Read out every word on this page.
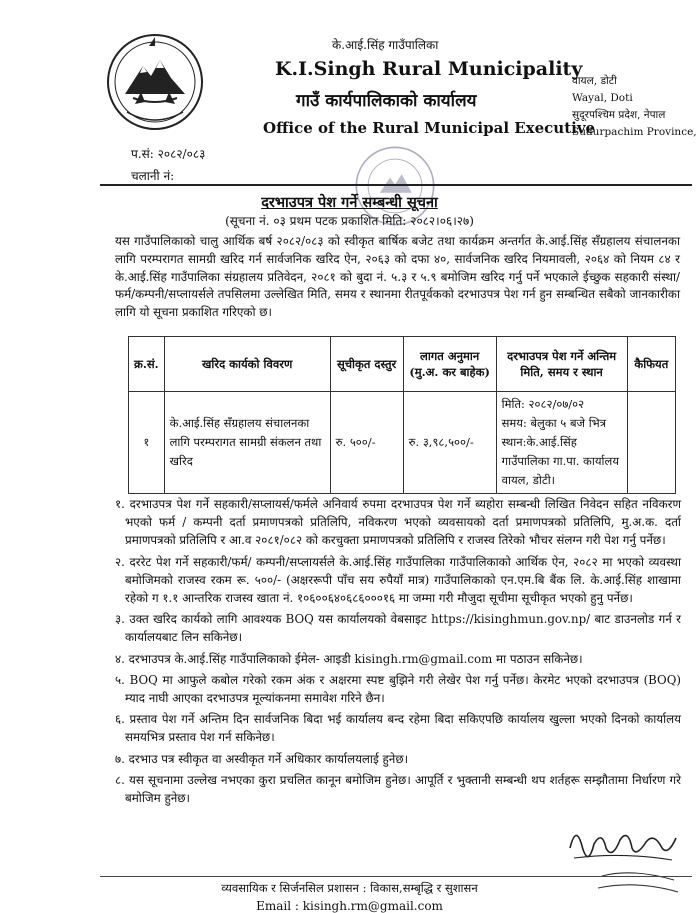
के.आई.सिंह गाउँपालिका
K.I.Singh Rural Municipality
गाउँ कार्यपालिकाको कार्यालय
Office of the Rural Municipal Executive
वायल, डोटी
Wayal, Doti
सुदूरपश्चिम प्रदेश, नेपाल
Sudurpachim Province,
प.सं: २०८२/०८३
चलानी नं:
दरभाउपत्र पेश गर्ने सम्बन्धी सूचना
(सूचना नं. ०३ प्रथम पटक प्रकाशित मिति: २०८२।०६।२७)
यस गाउँपालिकाको चालु आर्थिक बर्ष २०८२/०८३ को स्वीकृत बार्षिक बजेट तथा कार्यक्रम अन्तर्गत के.आई.सिंह सँग्रहालय संचालनका लागि परम्परागत सामग्री खरिद गर्न सार्वजनिक खरिद ऐन, २०६३ को दफा ४०, सार्वजनिक खरिद नियमावली, २०६४ को नियम ८४ र के.आई.सिंह गाउँपालिका संग्रहालय प्रतिवेदन, २०८१ को बुदा नं. ५.३ र ५.९ बमोजिम खरिद गर्नु पर्ने भएकाले ईच्छुक सहकारी संस्था/फर्म/कम्पनी/सप्लायर्सले तपसिलमा उल्लेखित मिति, समय र स्थानमा रीतपूर्वकको दरभाउपत्र पेश गर्न हुन सम्बन्धित सबैको जानकारीका लागि यो सूचना प्रकाशित गरिएको छ।
क्र.सं.	खरिद कार्यको विवरण	सूचीकृत दस्तुर	लागत अनुमान (मु.अ. कर बाहेक)	दरभाउपत्र पेश गर्ने अन्तिम मिति, समय र स्थान	कैफियत
१	के.आई.सिंह सँग्रहालय संचालनका लागि परम्परागत सामग्री संकलन तथा खरिद	रु. ५००/-	रु. ३,९८,५००/-	मिति: २०८२/०७/०२
समय: बेलुका ५ बजे भित्र
स्थान:के.आई.सिंह गाउँपालिका गा.पा. कार्यालय वायल, डोटी।	

१. दरभाउपत्र पेश गर्ने सहकारी/सप्लायर्स/फर्मले अनिवार्य रुपमा दरभाउपत्र पेश गर्ने ब्यहोरा सम्बन्धी लिखित निवेदन सहित नविकरण भएको फर्म / कम्पनी दर्ता प्रमाणपत्रको प्रतिलिपि, नविकरण भएको व्यवसायको दर्ता प्रमाणपत्रको प्रतिलिपि, मु.अ.क. दर्ता प्रमाणपत्रको प्रतिलिपि र आ.व २०८१/०८२ को करचुक्ता प्रमाणपत्रको प्रतिलिपि र राजस्व तिरेको भौचर संलग्न गरी पेश गर्नु पर्नेछ।
२. दररेट पेश गर्ने सहकारी/फर्म/ कम्पनी/सप्लायर्सले के.आई.सिंह गाउँपालिका गाउँपालिकाको आर्थिक ऐन, २०८२ मा भएको व्यवस्था बमोजिमको राजस्व रकम रू. ५००/- (अक्षररूपी पाँच सय रुपैयाँ मात्र) गाउँपालिकाको एन.एम.बि बैंक लि. के.आई.सिंह शाखामा रहेको ग १.१ आन्तरिक राजस्व खाता नं. १०६००६४०६८६०००१६ मा जम्मा गरी मौजुदा सूचीमा सूचीकृत भएको हुनु पर्नेछ।
३. उक्त खरिद कार्यको लागि आवश्यक BOQ यस कार्यालयको वेबसाइट https://kisinghmun.gov.np/ बाट डाउनलोड गर्न र कार्यालयबाट लिन सकिनेछ।
४. दरभाउपत्र के.आई.सिंह गाउँपालिकाको ईमेल- आइडी kisingh.rm@gmail.com मा पठाउन सकिनेछ।
५. BOQ मा आफुले कबोल गरेको रकम अंक र अक्षरमा स्पष्ट बुझिने गरी लेखेर पेश गर्नु पर्नेछ। केरमेट भएको दरभाउपत्र (BOQ) म्याद नाघी आएका दरभाउपत्र मूल्यांकनमा समावेश गरिने छैन।
६. प्रस्ताव पेश गर्ने अन्तिम दिन सार्वजनिक बिदा भई कार्यालय बन्द रहेमा बिदा सकिएपछि कार्यालय खुल्ला भएको दिनको कार्यालय समयभित्र प्रस्ताव पेश गर्न सकिनेछ।
७. दरभाउ पत्र स्वीकृत वा अस्वीकृत गर्ने अधिकार कार्यालयलाई हुनेछ।
८. यस सूचनामा उल्लेख नभएका कुरा प्रचलित कानून बमोजिम हुनेछ। आपूर्ति र भुक्तानी सम्बन्धी थप शर्तहरू सम्झौतामा निर्धारण गरे बमोजिम हुनेछ।
व्यवसायिक र सिर्जनसिल प्रशासन : विकास,सम्बृद्धि र सुशासन
Email : kisingh.rm@gmail.com
